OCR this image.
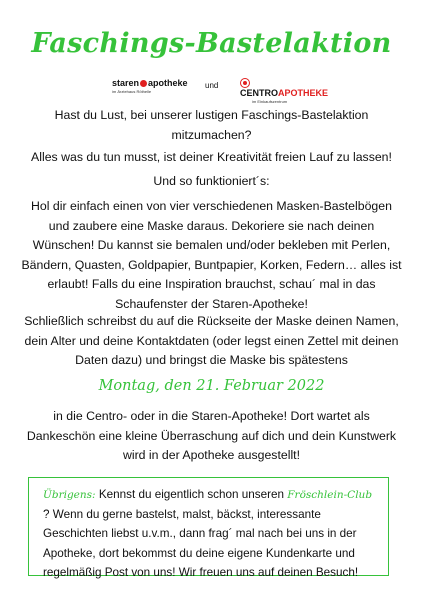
Faschings-Bastelaktion
staren apotheke
im Ärztehaus Röthelle
und
CENTROAPOTHEKE
im Einkaufszentrum
Hast du Lust, bei unserer lustigen Faschings-Bastelaktion mitzumachen?
Alles was du tun musst, ist deiner Kreativität freien Lauf zu lassen!
Und so funktioniert´s:
Hol dir einfach einen von vier verschiedenen Masken-Bastelbögen und zaubere eine Maske daraus. Dekoriere sie nach deinen Wünschen! Du kannst sie bemalen und/oder bekleben mit Perlen, Bändern, Quasten, Goldpapier, Buntpapier, Korken, Federn… alles ist erlaubt! Falls du eine Inspiration brauchst, schau´ mal in das Schaufenster der Staren-Apotheke!
Schließlich schreibst du auf die Rückseite der Maske deinen Namen, dein Alter und deine Kontaktdaten (oder legst einen Zettel mit deinen Daten dazu) und bringst die Maske bis spätestens
Montag, den 21. Februar 2022
in die Centro- oder in die Staren-Apotheke! Dort wartet als Dankeschön eine kleine Überraschung auf dich und dein Kunstwerk wird in der Apotheke ausgestellt!
Übrigens: Kennst du eigentlich schon unseren Fröschlein-Club ? Wenn du gerne bastelst, malst, bäckst, interessante Geschichten liebst u.v.m., dann frag´ mal nach bei uns in der Apotheke, dort bekommst du deine eigene Kundenkarte und regelmäßig Post von uns! Wir freuen uns auf deinen Besuch!
